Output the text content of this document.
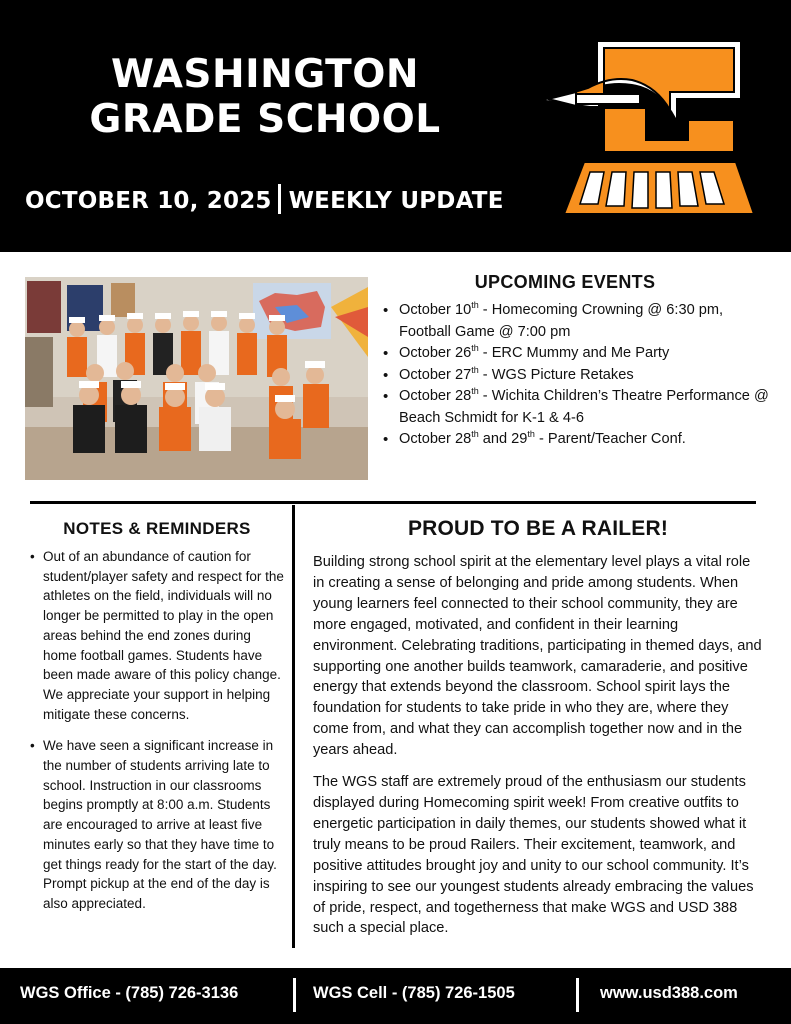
WASHINGTON
GRADE SCHOOL
OCTOBER 10, 2025 WEEKLY UPDATE
UPCOMING EVENTS
• October 10th - Homecoming Crowning @ 6:30 pm, Football Game @ 7:00 pm
• October 26th - ERC Mummy and Me Party
• October 27th - WGS Picture Retakes
• October 28th - Wichita Children’s Theatre Performance @ Beach Schmidt for K-1 & 4-6
• October 28th and 29th - Parent/Teacher Conf.
NOTES & REMINDERS
• Out of an abundance of caution for student/player safety and respect for the athletes on the field, individuals will no longer be permitted to play in the open areas behind the end zones during home football games. Students have been made aware of this policy change. We appreciate your support in helping mitigate these concerns.
• We have seen a significant increase in the number of students arriving late to school. Instruction in our classrooms begins promptly at 8:00 a.m. Students are encouraged to arrive at least five minutes early so that they have time to get things ready for the start of the day. Prompt pickup at the end of the day is also appreciated.
PROUD TO BE A RAILER!

Building strong school spirit at the elementary level plays a vital role in creating a sense of belonging and pride among students. When young learners feel connected to their school community, they are more engaged, motivated, and confident in their learning environment. Celebrating traditions, participating in themed days, and supporting one another builds teamwork, camaraderie, and positive energy that extends beyond the classroom. School spirit lays the foundation for students to take pride in who they are, where they come from, and what they can accomplish together now and in the years ahead.

The WGS staff are extremely proud of the enthusiasm our students displayed during Homecoming spirit week! From creative outfits to energetic participation in daily themes, our students showed what it truly means to be proud Railers. Their excitement, teamwork, and positive attitudes brought joy and unity to our school community. It’s inspiring to see our youngest students already embracing the values of pride, respect, and togetherness that make WGS and USD 388 such a special place.

WGS Office - (785) 726-3136	WGS Cell - (785) 726-1505	www.usd388.com
